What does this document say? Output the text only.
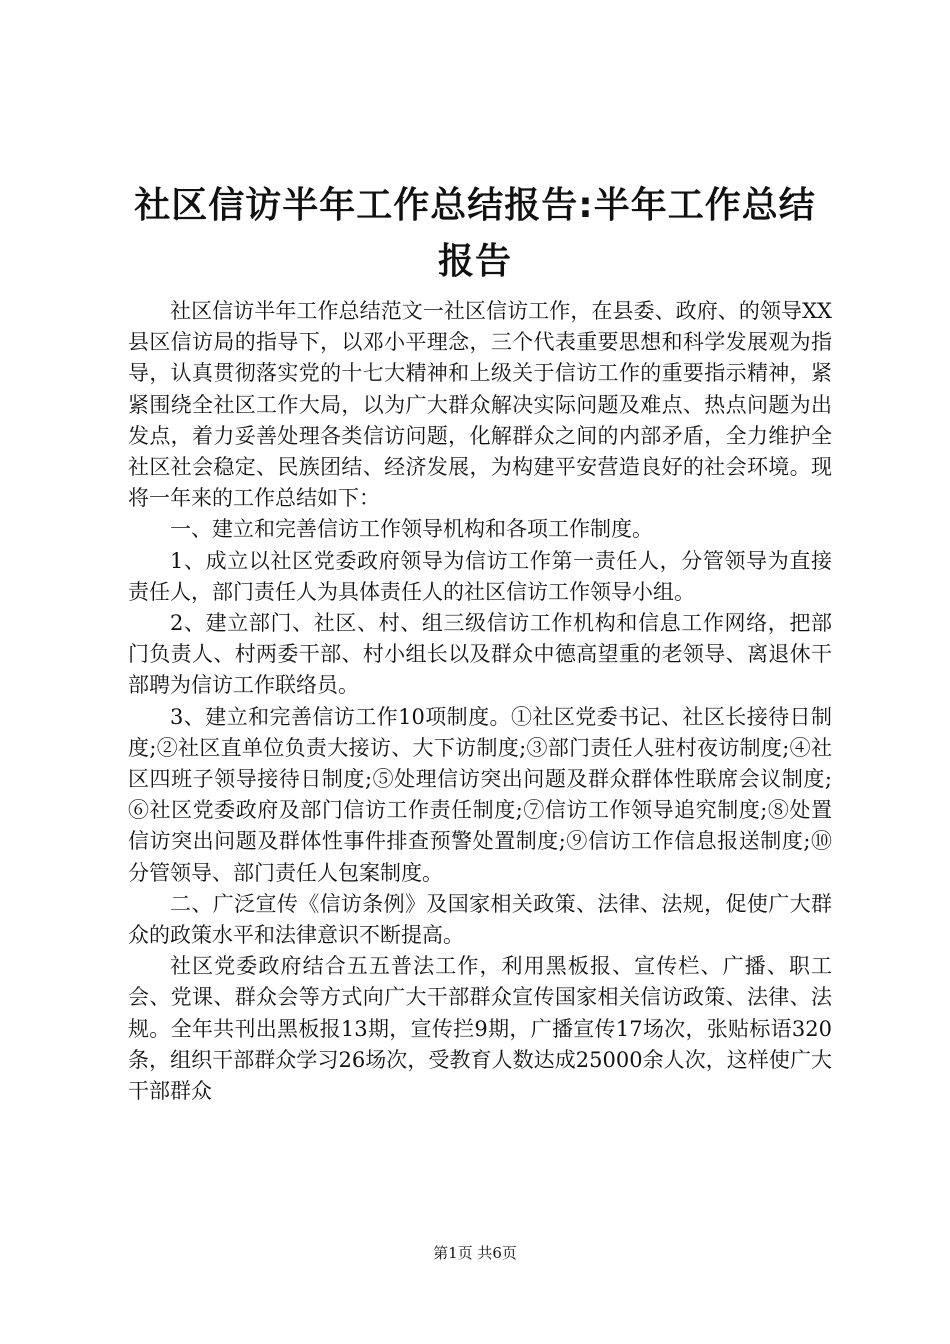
社区信访半年工作总结报告:半年工作总结报告

社区信访半年工作总结范文一社区信访工作，在县委、政府、的领导XX县区信访局的指导下，以邓小平理念，三个代表重要思想和科学发展观为指导，认真贯彻落实党的十七大精神和上级关于信访工作的重要指示精神，紧紧围绕全社区工作大局，以为广大群众解决实际问题及难点、热点问题为出发点，着力妥善处理各类信访问题，化解群众之间的内部矛盾，全力维护全社区社会稳定、民族团结、经济发展，为构建平安营造良好的社会环境。现将一年来的工作总结如下：

一、建立和完善信访工作领导机构和各项工作制度。

1、成立以社区党委政府领导为信访工作第一责任人，分管领导为直接责任人，部门责任人为具体责任人的社区信访工作领导小组。

2、建立部门、社区、村、组三级信访工作机构和信息工作网络，把部门负责人、村两委干部、村小组长以及群众中德高望重的老领导、离退休干部聘为信访工作联络员。

3、建立和完善信访工作10项制度。①社区党委书记、社区长接待日制度;②社区直单位负责大接访、大下访制度;③部门责任人驻村夜访制度;④社区四班子领导接待日制度;⑤处理信访突出问题及群众群体性联席会议制度;⑥社区党委政府及部门信访工作责任制度;⑦信访工作领导追究制度;⑧处置信访突出问题及群体性事件排查预警处置制度;⑨信访工作信息报送制度;⑩分管领导、部门责任人包案制度。

二、广泛宣传《信访条例》及国家相关政策、法律、法规，促使广大群众的政策水平和法律意识不断提高。

社区党委政府结合五五普法工作，利用黑板报、宣传栏、广播、职工会、党课、群众会等方式向广大干部群众宣传国家相关信访政策、法律、法规。全年共刊出黑板报13期，宣传拦9期，广播宣传17场次，张贴标语320条，组织干部群众学习26场次，受教育人数达成25000余人次，这样使广大干部群众

第1页 共6页
